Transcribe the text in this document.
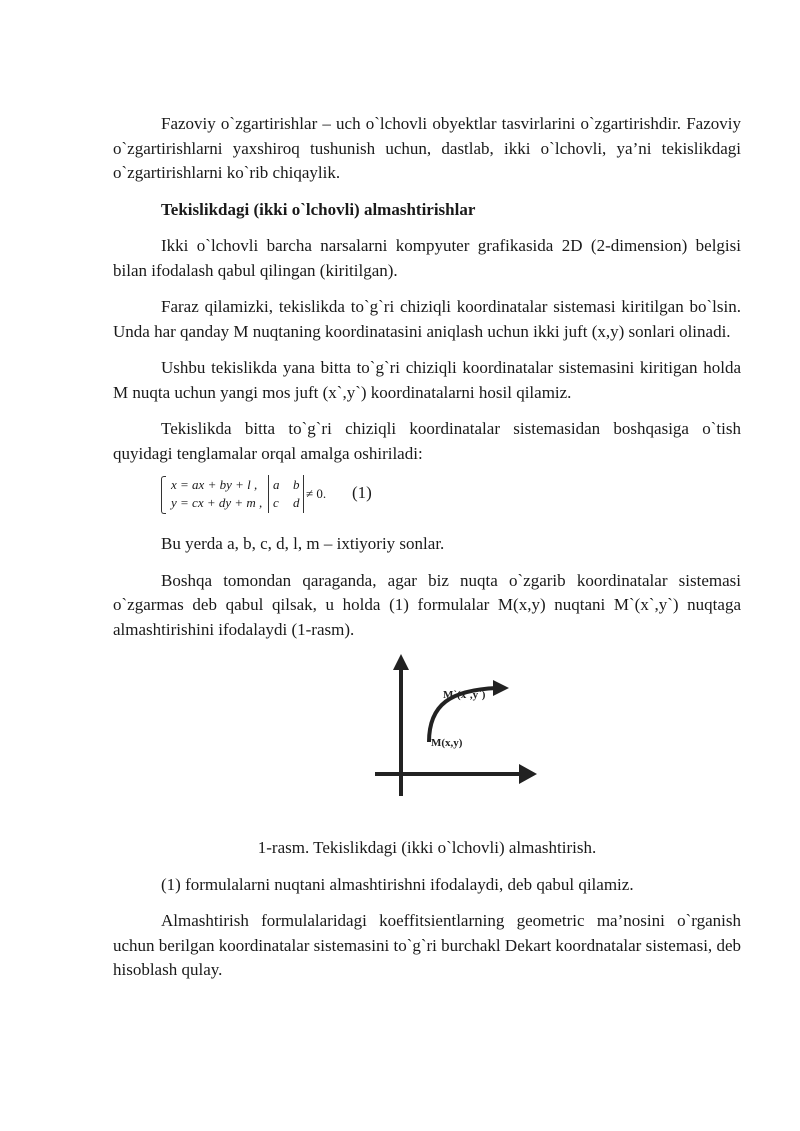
Fazoviy o`zgartirishlar – uch o`lchovli obyektlar tasvirlarini o`zgartirishdir. Fazoviy o`zgartirishlarni yaxshiroq tushunish uchun, dastlab, ikki o`lchovli, ya’ni tekislikdagi o`zgartirishlarni ko`rib chiqaylik.

Tekislikdagi (ikki o`lchovli) almashtirishlar

Ikki o`lchovli barcha narsalarni kompyuter grafikasida 2D (2-dimension) belgisi bilan ifodalash qabul qilingan (kiritilgan).

Faraz qilamizki, tekislikda to`g`ri chiziqli koordinatalar sistemasi kiritilgan bo`lsin. Unda har qanday M nuqtaning koordinatasini aniqlash uchun ikki juft (x,y) sonlari olinadi.

Ushbu tekislikda yana bitta to`g`ri chiziqli koordinatalar sistemasini kiritigan holda M nuqta uchun yangi mos juft (x`,y`) koordinatalarni hosil qilamiz.

Tekislikda bitta to`g`ri chiziqli koordinatalar sistemasidan boshqasiga o`tish quyidagi tenglamalar orqal amalga oshiriladi:

x = ax + by + l ,
y = cx + dy + m ,
a b
c d
≠ 0. (1)

Bu yerda a, b, c, d, l, m – ixtiyoriy sonlar.

Boshqa tomondan qaraganda, agar biz nuqta o`zgarib koordinatalar sistemasi o`zgarmas deb qabul qilsak, u holda (1) formulalar M(x,y) nuqtani M`(x`,y`) nuqtaga almashtirishini ifodalaydi (1-rasm).

M`(x`,y`)
M(x,y)

1-rasm. Tekislikdagi (ikki o`lchovli) almashtirish.

(1) formulalarni nuqtani almashtirishni ifodalaydi, deb qabul qilamiz.

Almashtirish formulalaridagi koeffitsientlarning geometric ma’nosini o`rganish uchun berilgan koordinatalar sistemasini to`g`ri burchakl Dekart koordnatalar sistemasi, deb hisoblash qulay.
